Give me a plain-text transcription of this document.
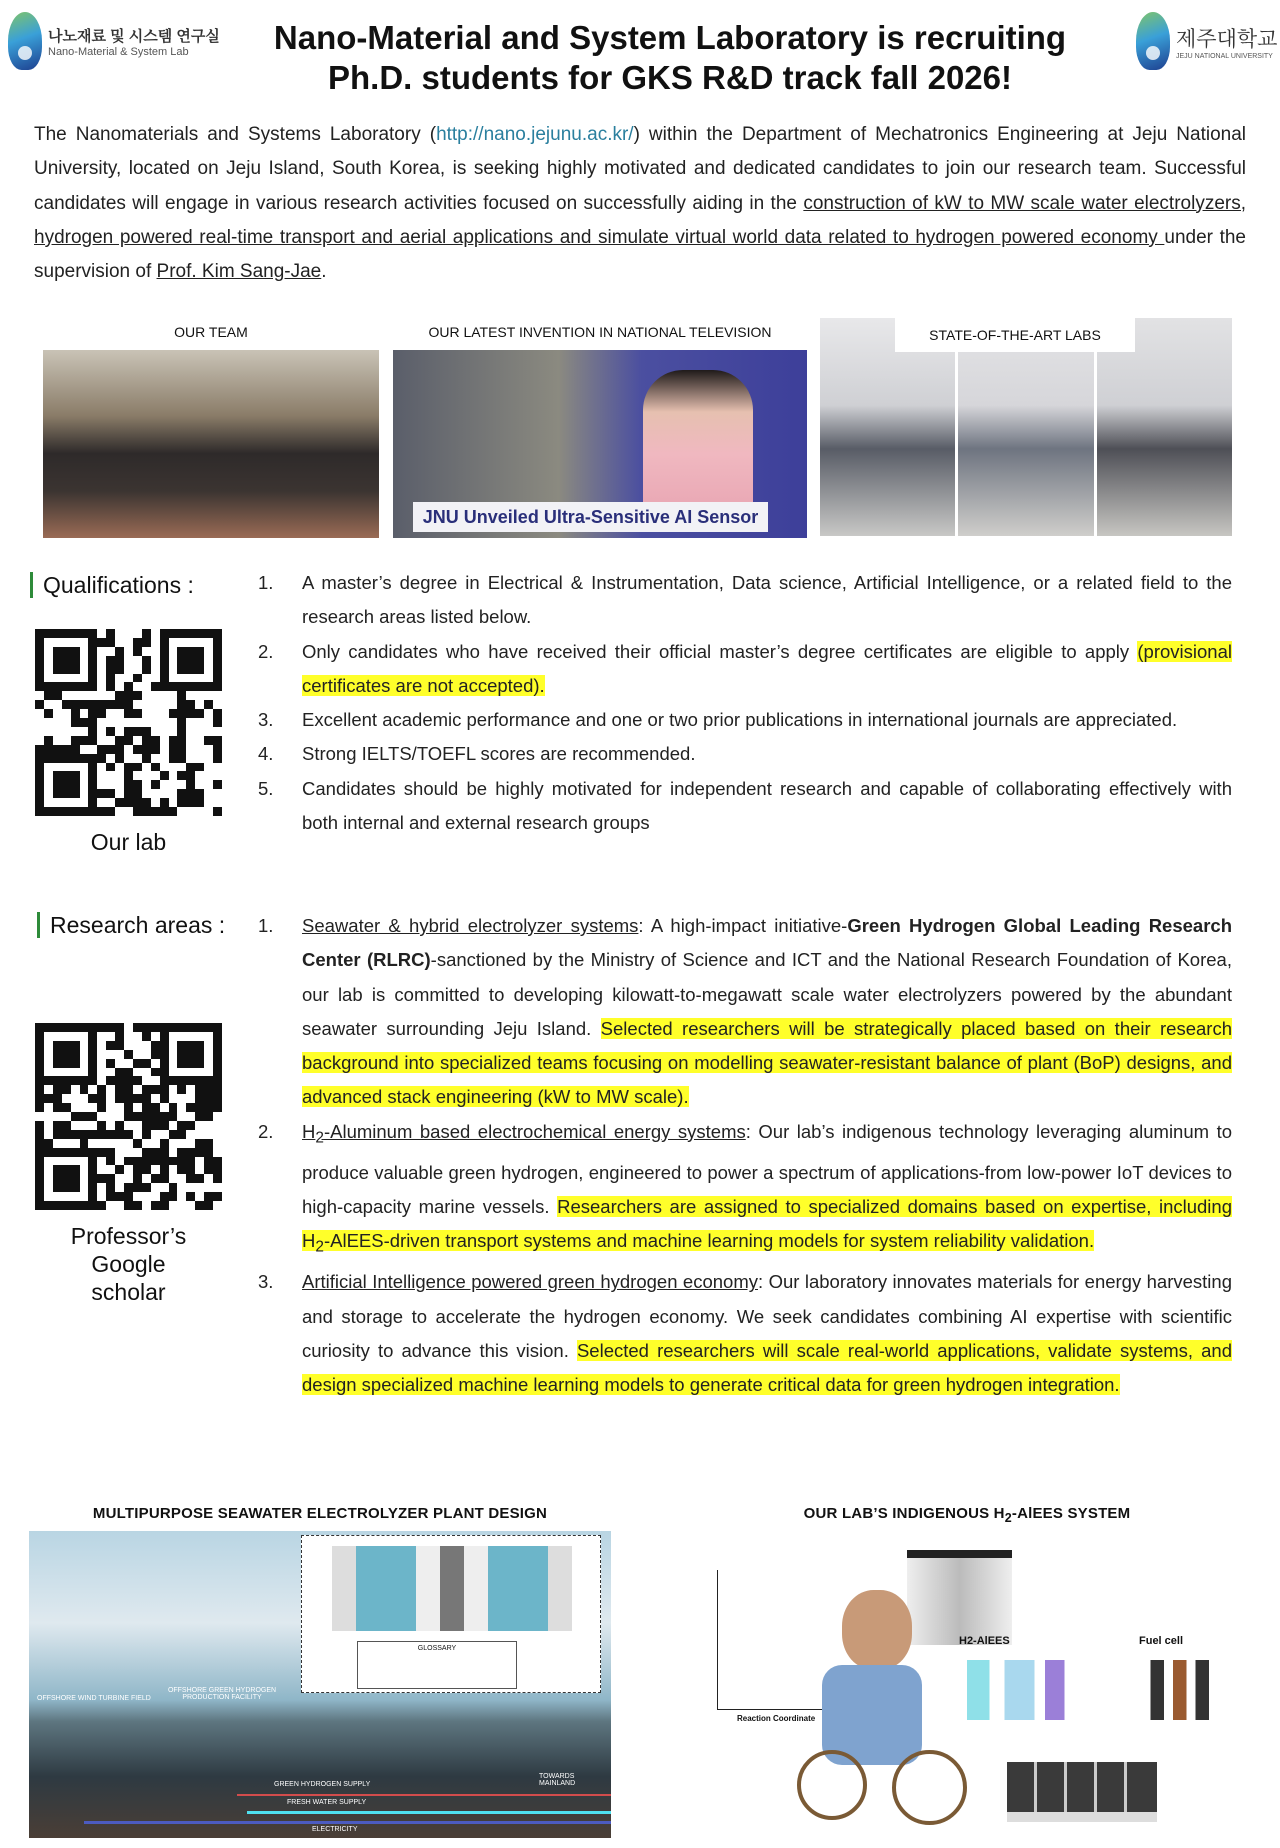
나노재료 및 시스템 연구실
Nano-Material & System Lab	Nano-Material and System Laboratory is recruiting
Ph.D. students for GKS R&D track fall 2026!
제주대학교
JEJU NATIONAL UNIVERSITY

The Nanomaterials and Systems Laboratory (http://nano.jejunu.ac.kr/) within the Department of Mechatronics Engineering at Jeju National University, located on Jeju Island, South Korea, is seeking highly motivated and dedicated candidates to join our research team. Successful candidates will engage in various research activities focused on successfully aiding in the construction of kW to MW scale water electrolyzers, hydrogen powered real-time transport and aerial applications and simulate virtual world data related to hydrogen powered economy under the supervision of Prof. Kim Sang-Jae.

OUR TEAM	OUR LATEST INVENTION IN NATIONAL TELEVISION
JNU Unveiled Ultra-Sensitive AI Sensor
STATE-OF-THE-ART LABS
Qualifications :
Our lab
1. A master’s degree in Electrical & Instrumentation, Data science, Artificial Intelligence, or a related field to the research areas listed below.
2. Only candidates who have received their official master’s degree certificates are eligible to apply (provisional certificates are not accepted).
3. Excellent academic performance and one or two prior publications in international journals are appreciated.
4. Strong IELTS/TOEFL scores are recommended.
5. Candidates should be highly motivated for independent research and capable of collaborating effectively with both internal and external research groups
Research areas :
Professor’s
Google
scholar
1. Seawater & hybrid electrolyzer systems: A high-impact initiative-Green Hydrogen Global Leading Research Center (RLRC)-sanctioned by the Ministry of Science and ICT and the National Research Foundation of Korea, our lab is committed to developing kilowatt-to-megawatt scale water electrolyzers powered by the abundant seawater surrounding Jeju Island. Selected researchers will be strategically placed based on their research background into specialized teams focusing on modelling seawater-resistant balance of plant (BoP) designs, and advanced stack engineering (kW to MW scale).
2. $H_2$-Aluminum based electrochemical energy systems: Our lab’s indigenous technology leveraging aluminum to produce valuable green hydrogen, engineered to power a spectrum of applications-from low-power IoT devices to high-capacity marine vessels. Researchers are assigned to specialized domains based on expertise, including $H_2-AlEES$-driven transport systems and machine learning models for system reliability validation.
3. Artificial Intelligence powered green hydrogen economy: Our laboratory innovates materials for energy harvesting and storage to accelerate the hydrogen economy. We seek candidates combining AI expertise with scientific curiosity to advance this vision. Selected researchers will scale real-world applications, validate systems, and design specialized machine learning models to generate critical data for green hydrogen integration.
MULTIPURPOSE SEAWATER ELECTROLYZER PLANT DESIGN
GLOSSARY
OFFSHORE WIND TURBINE FIELD
OFFSHORE GREEN HYDROGEN PRODUCTION FACILITY
GREEN HYDROGEN SUPPLY
FRESH WATER SUPPLY
ELECTRICITY
TOWARDS MAINLAND
OUR LAB’S INDIGENOUS $H_2$-AlEES SYSTEM
Reaction Coordinate
H2-AlEES	Fuel cell
